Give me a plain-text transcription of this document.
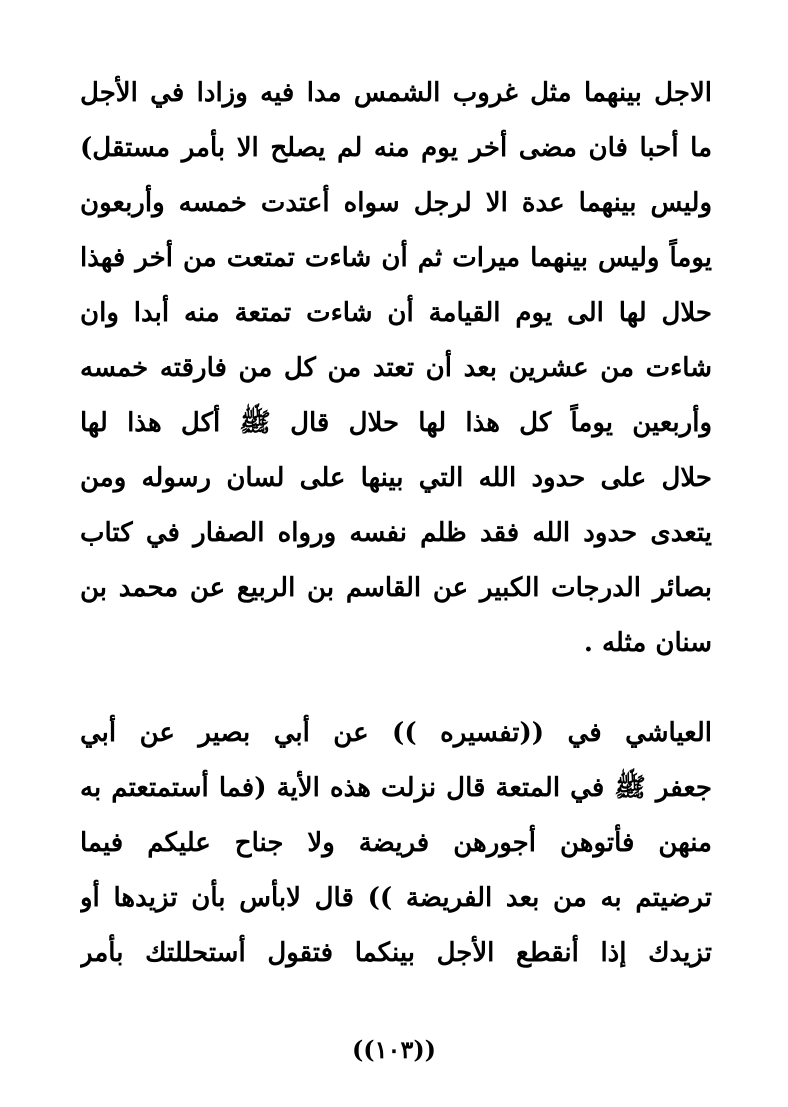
الاجل بينهما مثل غروب الشمس مدا فيه وزادا في الأجل
ما أحبا فان مضى أخر يوم منه لم يصلح الا بأمر مستقل)
وليس بينهما عدة الا لرجل سواه أعتدت خمسه وأربعون
يوماً وليس بينهما ميرات ثم أن شاءت تمتعت من أخر فهذا
حلال لها الى يوم القيامة أن شاءت تمتعة منه أبدا وان
شاءت من عشرين بعد أن تعتد من كل من فارقته خمسه
وأربعين يوماً كل هذا لها حلال قال ﷺ أكل هذا لها
حلال على حدود الله التي بينها على لسان رسوله ومن
يتعدى حدود الله فقد ظلم نفسه ورواه الصفار في كتاب
بصائر الدرجات الكبير عن القاسم بن الربيع عن محمد بن
سنان مثله .
العياشي في ((تفسيره )) عن أبي بصير عن أبي
جعفر ﷺ في المتعة قال نزلت هذه الأية (فما أستمتعتم به
منهن فأتوهن أجورهن فريضة ولا جناح عليكم فيما
ترضيتم به من بعد الفريضة )) قال لابأس بأن تزيدها أو
تزيدك إذا أنقطع الأجل بينكما فتقول أستحللتك بأمر
((١٠٣))
